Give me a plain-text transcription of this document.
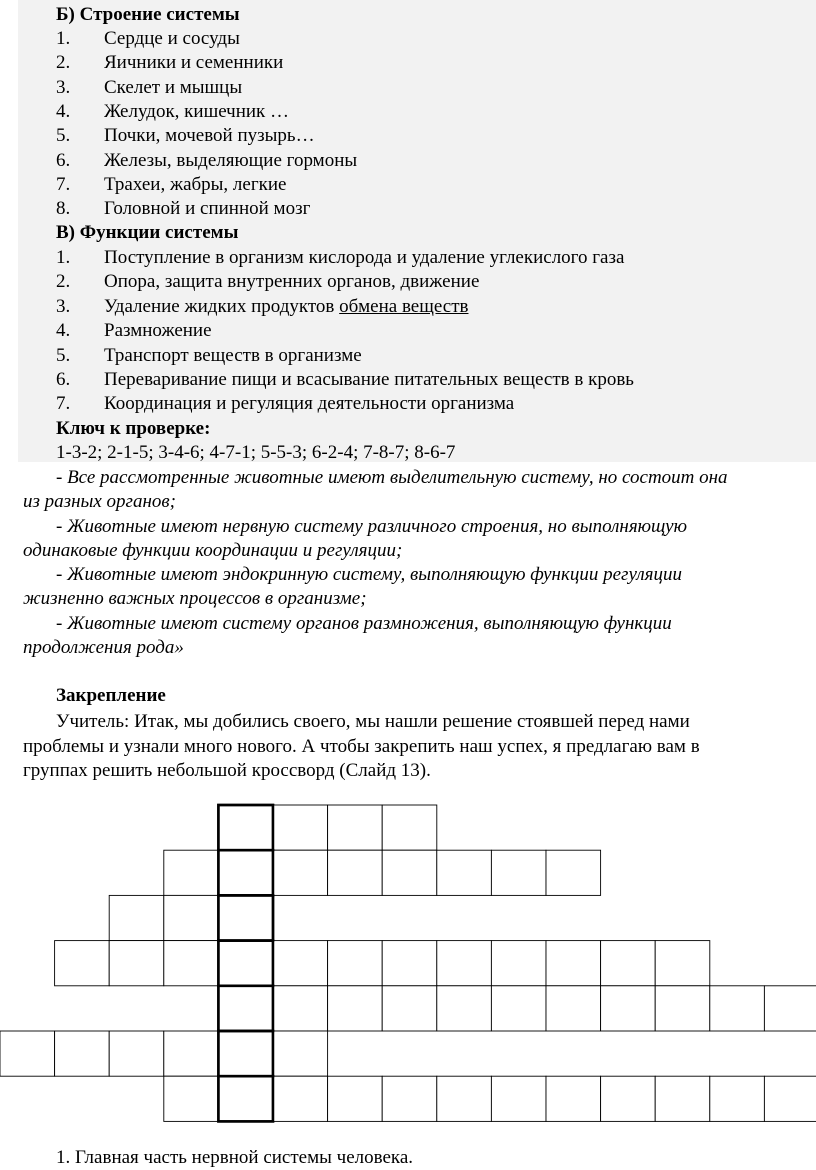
Б) Строение системы
1. Сердце и сосуды
2. Яичники и семенники
3. Скелет и мышцы
4. Желудок, кишечник …
5. Почки, мочевой пузырь…
6. Железы, выделяющие гормоны
7. Трахеи, жабры, легкие
8. Головной и спинной мозг
В) Функции системы
1. Поступление в организм кислорода и удаление углекислого газа
2. Опора, защита внутренних органов, движение
3. Удаление жидких продуктов обмена веществ
4. Размножение
5. Транспорт веществ в организме
6. Переваривание пищи и всасывание питательных веществ в кровь
7. Координация и регуляция деятельности организма
Ключ к проверке:
1-3-2; 2-1-5; 3-4-6; 4-7-1; 5-5-3; 6-2-4; 7-8-7; 8-6-7
- Все рассмотренные животные имеют выделительную систему, но состоит она
из разных органов;
- Животные имеют нервную систему различного строения, но выполняющую
одинаковые функции координации и регуляции;
- Животные имеют эндокринную систему, выполняющую функции регуляции
жизненно важных процессов в организме;
- Животные имеют систему органов размножения, выполняющую функции
продолжения рода»
Закрепление
Учитель: Итак, мы добились своего, мы нашли решение стоявшей перед нами
проблемы и узнали много нового. А чтобы закрепить наш успех, я предлагаю вам в
группах решить небольшой кроссворд (Слайд 13).
1. Главная часть нервной системы человека.
